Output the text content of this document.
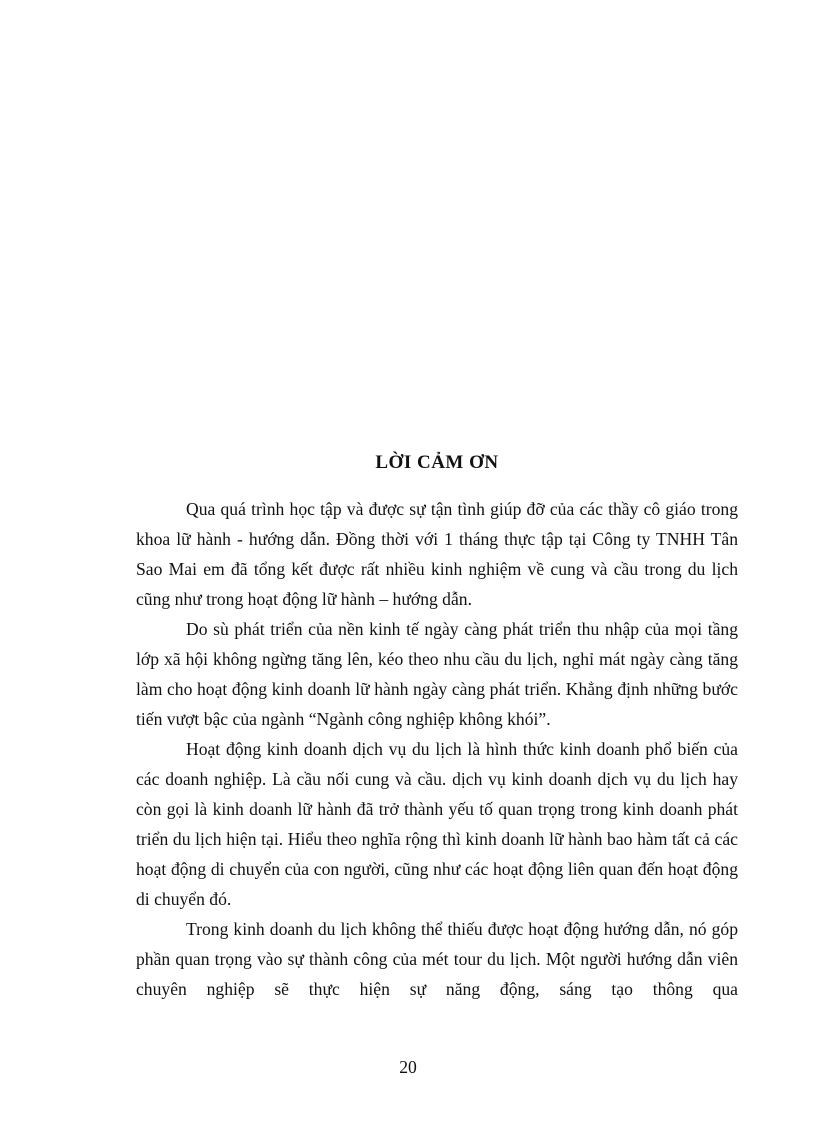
LỜI CẢM ƠN

Qua quá trình học tập và được sự tận tình giúp đỡ của các thầy cô giáo trong khoa lữ hành - hướng dẫn. Đồng thời với 1 tháng thực tập tại Công ty TNHH Tân Sao Mai em đã tổng kết được rất nhiều kinh nghiệm về cung và cầu trong du lịch cũng như trong hoạt động lữ hành – hướng dẫn.

Do sù phát triển của nền kinh tế ngày càng phát triển thu nhập của mọi tầng lớp xã hội không ngừng tăng lên, kéo theo nhu cầu du lịch, nghỉ mát ngày càng tăng làm cho hoạt động kinh doanh lữ hành ngày càng phát triển. Khẳng định những bước tiến vượt bậc của ngành “Ngành công nghiệp không khói”.

Hoạt động kinh doanh dịch vụ du lịch là hình thức kinh doanh phổ biến của các doanh nghiệp. Là cầu nối cung và cầu. dịch vụ kinh doanh dịch vụ du lịch hay còn gọi là kinh doanh lữ hành đã trở thành yếu tố quan trọng trong kinh doanh phát triển du lịch hiện tại. Hiểu theo nghĩa rộng thì kinh doanh lữ hành bao hàm tất cả các hoạt động di chuyển của con người, cũng như các hoạt động liên quan đến hoạt động di chuyển đó.

Trong kinh doanh du lịch không thể thiếu được hoạt động hướng dẫn, nó góp phần quan trọng vào sự thành công của mét tour du lịch. Một người hướng dẫn viên chuyên nghiệp sẽ thực hiện sự năng động, sáng tạo thông qua

20
